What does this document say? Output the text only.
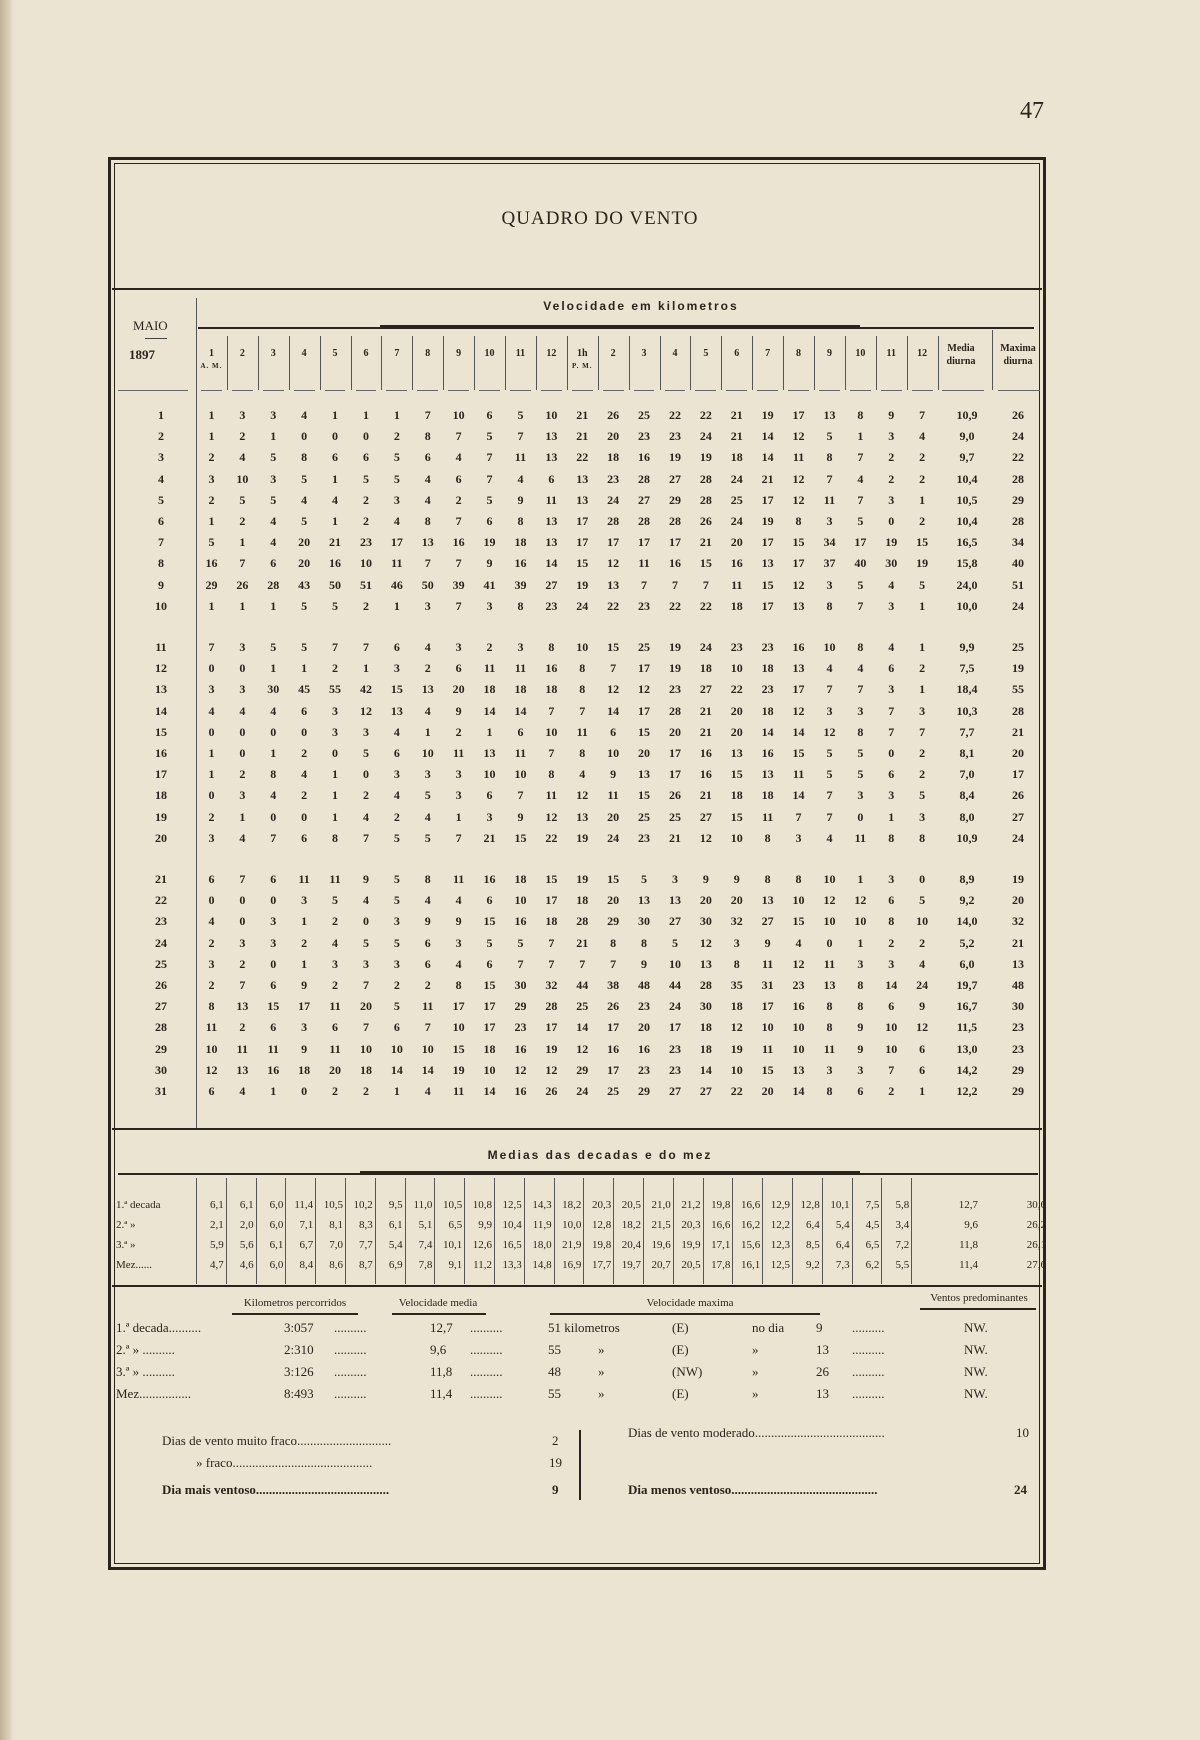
47
QUADRO DO VENTO
MAIO
1897
Velocidade em kilometros
1
A. M.
2	3	4	5	6	7	8	9	10	11	12	1h
P. M.
2	3	4	5	6	7	8	9	10	11	12	Media diurna
Maxima diurna
1	1	3	3	4	1	1	1	7	10	6	5	10	21	26	25	22	22	21	19	17	13	8	9	7	10,9	26
2	1	2	1	0	0	0	2	8	7	5	7	13	21	20	23	23	24	21	14	12	5	1	3	4	9,0	24
3	2	4	5	8	6	6	5	6	4	7	11	13	22	18	16	19	19	18	14	11	8	7	2	2	9,7	22
4	3	10	3	5	1	5	5	4	6	7	4	6	13	23	28	27	28	24	21	12	7	4	2	2	10,4	28
5	2	5	5	4	4	2	3	4	2	5	9	11	13	24	27	29	28	25	17	12	11	7	3	1	10,5	29
6	1	2	4	5	1	2	4	8	7	6	8	13	17	28	28	28	26	24	19	8	3	5	0	2	10,4	28
7	5	1	4	20	21	23	17	13	16	19	18	13	17	17	17	17	21	20	17	15	34	17	19	15	16,5	34
8	16	7	6	20	16	10	11	7	7	9	16	14	15	12	11	16	15	16	13	17	37	40	30	19	15,8	40
9	29	26	28	43	50	51	46	50	39	41	39	27	19	13	7	7	7	11	15	12	3	5	4	5	24,0	51
10	1	1	1	5	5	2	1	3	7	3	8	23	24	22	23	22	22	18	17	13	8	7	3	1	10,0	24
11	7	3	5	5	7	7	6	4	3	2	3	8	10	15	25	19	24	23	23	16	10	8	4	1	9,9	25
12	0	0	1	1	2	1	3	2	6	11	11	16	8	7	17	19	18	10	18	13	4	4	6	2	7,5	19
13	3	3	30	45	55	42	15	13	20	18	18	18	8	12	12	23	27	22	23	17	7	7	3	1	18,4	55
14	4	4	4	6	3	12	13	4	9	14	14	7	7	14	17	28	21	20	18	12	3	3	7	3	10,3	28
15	0	0	0	0	3	3	4	1	2	1	6	10	11	6	15	20	21	20	14	14	12	8	7	7	7,7	21
16	1	0	1	2	0	5	6	10	11	13	11	7	8	10	20	17	16	13	16	15	5	5	0	2	8,1	20
17	1	2	8	4	1	0	3	3	3	10	10	8	4	9	13	17	16	15	13	11	5	5	6	2	7,0	17
18	0	3	4	2	1	2	4	5	3	6	7	11	12	11	15	26	21	18	18	14	7	3	3	5	8,4	26
19	2	1	0	0	1	4	2	4	1	3	9	12	13	20	25	25	27	15	11	7	7	0	1	3	8,0	27
20	3	4	7	6	8	7	5	5	7	21	15	22	19	24	23	21	12	10	8	3	4	11	8	8	10,9	24
21	6	7	6	11	11	9	5	8	11	16	18	15	19	15	5	3	9	9	8	8	10	1	3	0	8,9	19
22	0	0	0	3	5	4	5	4	4	6	10	17	18	20	13	13	20	20	13	10	12	12	6	5	9,2	20
23	4	0	3	1	2	0	3	9	9	15	16	18	28	29	30	27	30	32	27	15	10	10	8	10	14,0	32
24	2	3	3	2	4	5	5	6	3	5	5	7	21	8	8	5	12	3	9	4	0	1	2	2	5,2	21
25	3	2	0	1	3	3	3	6	4	6	7	7	7	7	9	10	13	8	11	12	11	3	3	4	6,0	13
26	2	7	6	9	2	7	2	2	8	15	30	32	44	38	48	44	28	35	31	23	13	8	14	24	19,7	48
27	8	13	15	17	11	20	5	11	17	17	29	28	25	26	23	24	30	18	17	16	8	8	6	9	16,7	30
28	11	2	6	3	6	7	6	7	10	17	23	17	14	17	20	17	18	12	10	10	8	9	10	12	11,5	23
29	10	11	11	9	11	10	10	10	15	18	16	19	12	16	16	23	18	19	11	10	11	9	10	6	13,0	23
30	12	13	16	18	20	18	14	14	19	10	12	12	29	17	23	23	14	10	15	13	3	3	7	6	14,2	29
31	6	4	1	0	2	2	1	4	11	14	16	26	24	25	29	27	27	22	20	14	8	6	2	1	12,2	29
Medias das decadas e do mez
1.ª decada	6,1	6,1	6,0 11,4 10,5 10,2	9,5 11,0 10,5 10,8 12,5 14,3 18,2 20,3 20,5 21,0 21,2 19,8 16,6 12,9 12,8 10,1	7,5	5,8	12,7	30,6
2.ª »	2,1	2,0	6,0	7,1	8,1	8,3	6,1	5,1	6,5	9,9 10,4 11,9 10,0 12,8 18,2 21,5 20,3 16,6 16,2 12,2	6,4	5,4	4,5	3,4	9,6	26,2
3.ª »	5,9	5,6	6,1	6,7	7,0	7,7	5,4	7,4 10,1 12,6 16,5 18,0 21,9 19,8 20,4 19,6 19,9 17,1 15,6 12,3	8,5	6,4	6,5	7,2	11,8	26,1
Mez......	4,7	4,6	6,0	8,4	8,6	8,7	6,9	7,8	9,1 11,2 13,3 14,8 16,9 17,7 19,7 20,7 20,5 17,8 16,1 12,5	9,2	7,3	6,2	5,5	11,4	27,6
Kilometros percorridos	Velocidade media	Velocidade maxima	Ventos predominantes
1.ª decada..........	3:057 ..........	12,7 ..........	51 kilometros	(E)	no dia 9 ..........	NW.
2.ª » ..........	2:310 ..........	9,6 ..........	55	»	(E)	»	13 ..........	NW.
3.ª » ..........	3:126 ..........	11,8 ..........	48	»	(NW)	»	26 ..........	NW.
Mez................	8:493 ..........	11,4 ..........	55	»	(E)	»	13 ..........	NW.
Dias de vento muito fraco.............................	2
» fraco...........................................	19
Dia mais ventoso.........................................	9
Dias de vento moderado........................................	10
Dia menos ventoso.............................................	24
